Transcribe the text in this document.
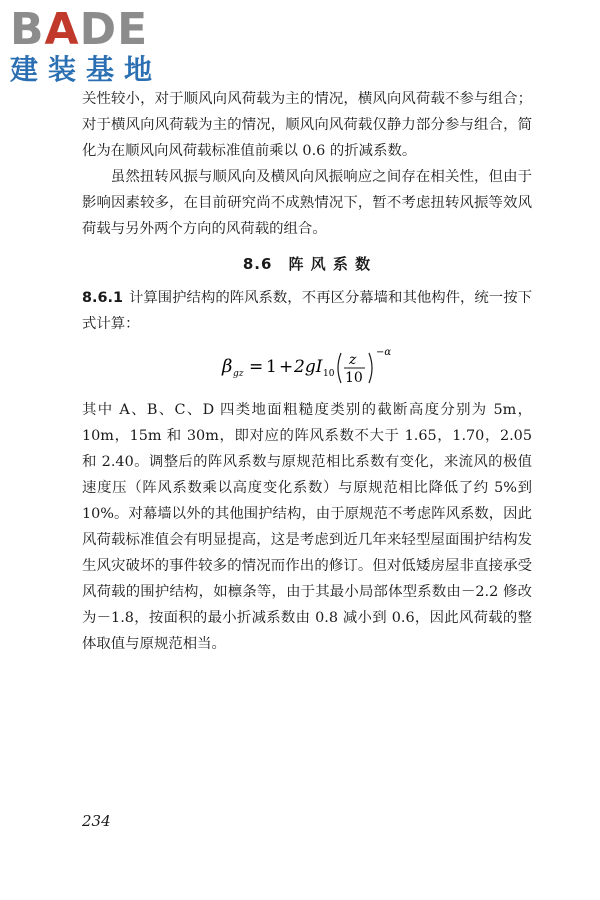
BADE
建装基地

关性较小，对于顺风向风荷载为主的情况，横风向风荷载不参与组合；对于横风向风荷载为主的情况，顺风向风荷载仅静力部分参与组合，简化为在顺风向风荷载标准值前乘以 0.6 的折减系数。

虽然扭转风振与顺风向及横风向风振响应之间存在相关性，但由于影响因素较多，在目前研究尚不成熟情况下，暂不考虑扭转风振等效风荷载与另外两个方向的风荷载的组合。

8.6　阵 风 系 数

8.6.1 计算围护结构的阵风系数，不再区分幕墙和其他构件，统一按下式计算：

β gz = 1 + 2gI 10
z
10
−α

其中 A、B、C、D 四类地面粗糙度类别的截断高度分别为 5m，10m，15m 和 30m，即对应的阵风系数不大于 1.65，1.70，2.05 和 2.40。调整后的阵风系数与原规范相比系数有变化，来流风的极值速度压（阵风系数乘以高度变化系数）与原规范相比降低了约 5%到 10%。对幕墙以外的其他围护结构，由于原规范不考虑阵风系数，因此风荷载标准值会有明显提高，这是考虑到近几年来轻型屋面围护结构发生风灾破坏的事件较多的情况而作出的修订。但对低矮房屋非直接承受风荷载的围护结构，如檩条等，由于其最小局部体型系数由－2.2 修改为－1.8，按面积的最小折减系数由 0.8 减小到 0.6，因此风荷载的整体取值与原规范相当。

234
